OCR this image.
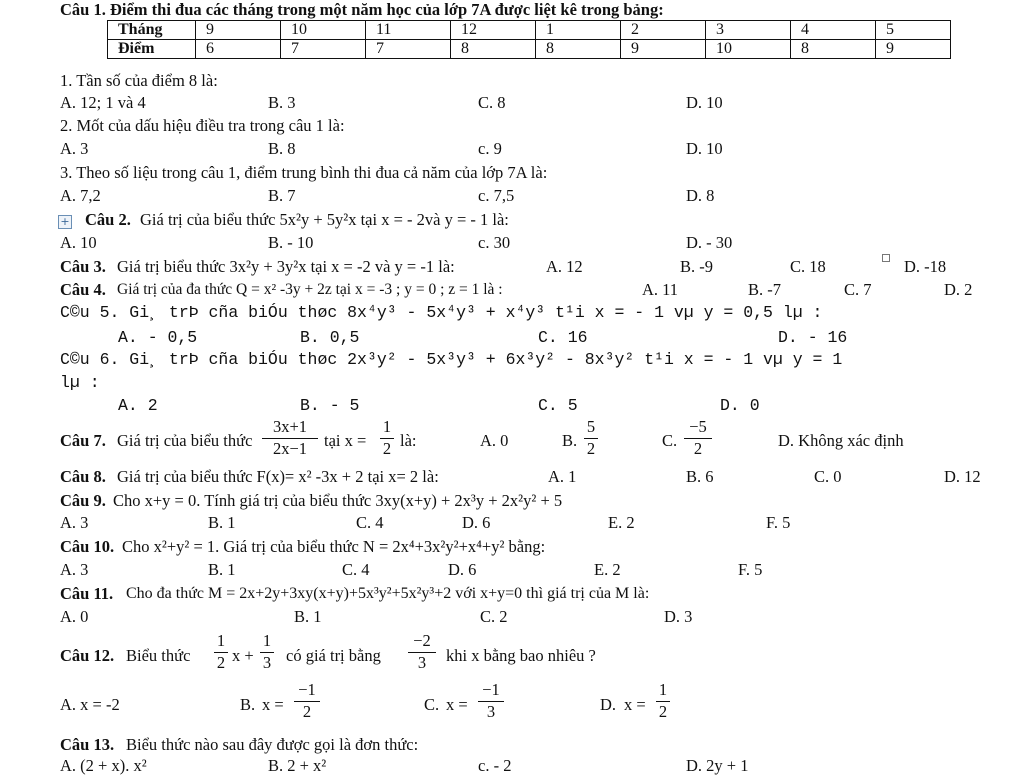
Câu 1. Điểm thi đua các tháng trong một năm học của lớp 7A được liệt kê trong bảng:
Tháng	9	10	11	12	1	2	3	4	5
Điểm	6	7	7	8	8	9	10	8	9
1. Tần số của điểm 8 là:
A. 12; 1 và 4	B. 3	C. 8	D. 10
2. Mốt của dấu hiệu điều tra trong câu 1 là:
A. 3	B. 8	c. 9	D. 10
3. Theo số liệu trong câu 1, điểm trung bình thi đua cả năm của lớp 7A là:
A. 7,2	B. 7	c. 7,5	D. 8
+ Câu 2. Giá trị của biểu thức 5x²y + 5y²x tại x = - 2và y = - 1 là:
A. 10	B. - 10	c. 30	D. - 30
Câu 3. Giá trị biểu thức 3x²y + 3y²x tại x = -2 và y = -1 là:	A. 12	B. -9	C. 18	D. -18
Câu 4. Giá trị của đa thức Q = x² -3y + 2z tại x = -3 ; y = 0 ; z = 1 là :	A. 11	B. -7	C. 7	D. 2
C©u 5. Gi¸ trÞ cña biÓu thøc 8x⁴y³ - 5x⁴y³ + x⁴y³ t¹i x = - 1 vµ y = 0,5 lµ :
A. - 0,5	B. 0,5	C. 16	D. - 16
C©u 6. Gi¸ trÞ cña biÓu thøc 2x³y² - 5x³y³ + 6x³y² - 8x³y² t¹i x = - 1 vµ y = 1
lµ :
A. 2	B. - 5	C. 5	D. 0
Câu 7. Giá trị của biểu thức $\frac{3x+1}{2x-1}$ tại $x = \frac{1}{2}$ là:	A. 0	B. $\frac{5}{2}$	C. $\frac{-5}{2}$	D. Không xác định
Câu 8. Giá trị của biểu thức F(x)= x² -3x + 2 tại x= 2 là:	A. 1	B. 6	C. 0	D. 12
Câu 9. Cho x+y = 0. Tính giá trị của biểu thức 3xy(x+y) + 2x³y + 2x²y² + 5
A. 3	B. 1	C. 4	D. 6	E. 2	F. 5
Câu 10. Cho x²+y² = 1. Giá trị của biểu thức N = 2x⁴+3x²y²+x⁴+y² bằng:
A. 3	B. 1	C. 4	D. 6	E. 2	F. 5
Câu 11. Cho đa thức M = 2x+2y+3xy(x+y)+5x³y²+5x²y³+2 với x+y=0 thì giá trị của M là:
A. 0	B. 1	C. 2	D. 3
Câu 12. Biểu thức $\frac{1}{2}$ $x + \frac{1}{3}$ có giá trị bằng $\frac{-2}{3}$ khi x bằng bao nhiêu ?
A. x = -2	B. $x = \frac{-1}{2}$	C. $x = \frac{-1}{3}$	D. $x = \frac{1}{2}$
Câu 13. Biểu thức nào sau đây được gọi là đơn thức:
A. (2 + x). x²	B. 2 + x²	c. - 2	D. 2y + 1
